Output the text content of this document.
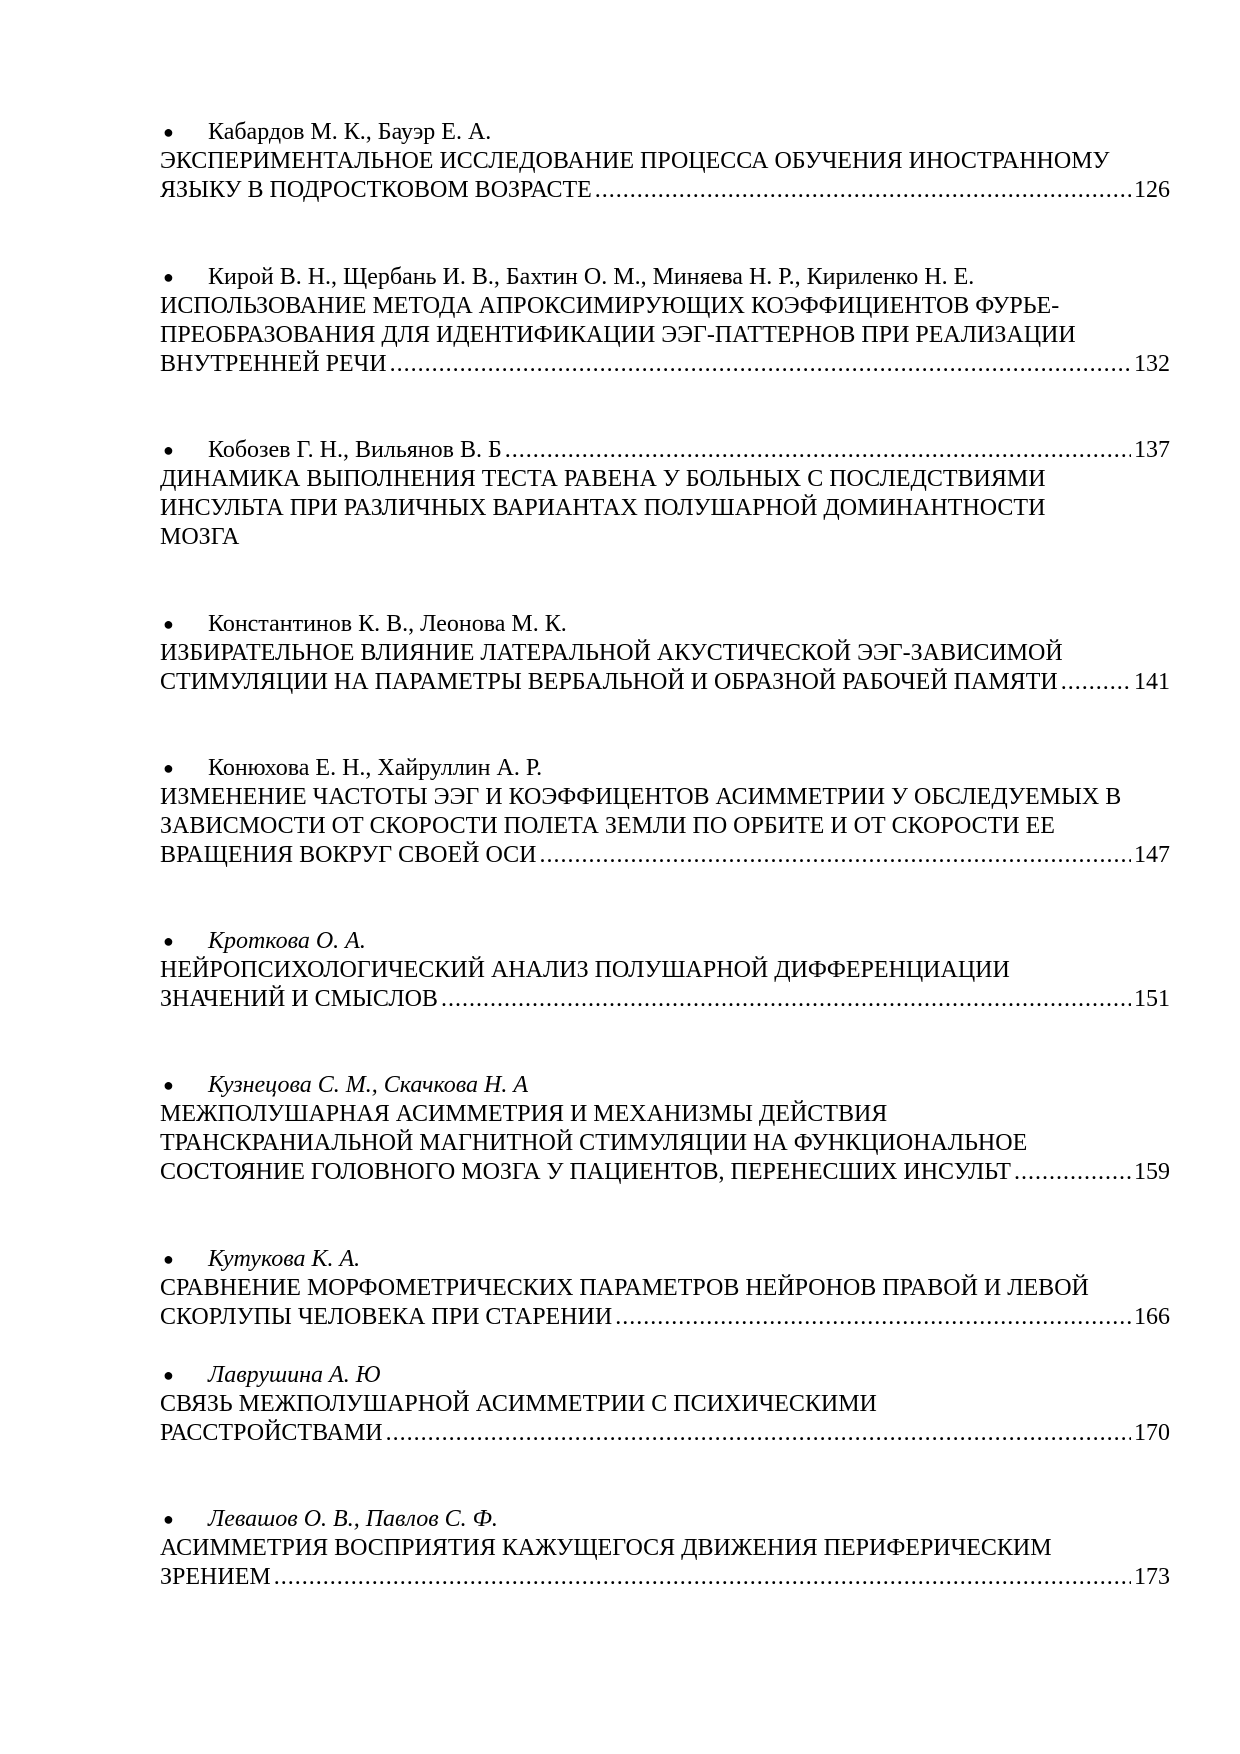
● Кабардов М. К., Бауэр Е. А.
ЭКСПЕРИМЕНТАЛЬНОЕ ИССЛЕДОВАНИЕ ПРОЦЕССА ОБУЧЕНИЯ ИНОСТРАННОМУ
ЯЗЫКУ В ПОДРОСТКОВОМ ВОЗРАСТЕ .....	126
● Кирой В. Н., Щербань И. В., Бахтин О. М., Миняева Н. Р., Кириленко Н. Е.
ИСПОЛЬЗОВАНИЕ МЕТОДА АПРОКСИМИРУЮЩИХ КОЭФФИЦИЕНТОВ ФУРЬЕ-
ПРЕОБРАЗОВАНИЯ ДЛЯ ИДЕНТИФИКАЦИИ ЭЭГ-ПАТТЕРНОВ ПРИ РЕАЛИЗАЦИИ
ВНУТРЕННЕЙ РЕЧИ .....	132
● Кобозев Г. Н., Вильянов В. Б .....	137
ДИНАМИКА ВЫПОЛНЕНИЯ ТЕСТА РАВЕНА У БОЛЬНЫХ С ПОСЛЕДСТВИЯМИ
ИНСУЛЬТА ПРИ РАЗЛИЧНЫХ ВАРИАНТАХ ПОЛУШАРНОЙ ДОМИНАНТНОСТИ
МОЗГА
● Константинов К. В., Леонова М. К.
ИЗБИРАТЕЛЬНОЕ ВЛИЯНИЕ ЛАТЕРАЛЬНОЙ АКУСТИЧЕСКОЙ ЭЭГ-ЗАВИСИМОЙ
СТИМУЛЯЦИИ НА ПАРАМЕТРЫ ВЕРБАЛЬНОЙ И ОБРАЗНОЙ РАБОЧЕЙ ПАМЯТИ .....	141
● Конюхова Е. Н., Хайруллин А. Р.
ИЗМЕНЕНИЕ ЧАСТОТЫ ЭЭГ И КОЭФФИЦЕНТОВ АСИММЕТРИИ У ОБСЛЕДУЕМЫХ В
ЗАВИСМОСТИ ОТ СКОРОСТИ ПОЛЕТА ЗЕМЛИ ПО ОРБИТЕ И ОТ СКОРОСТИ ЕЕ
ВРАЩЕНИЯ ВОКРУГ СВОЕЙ ОСИ .....	147
● Кроткова О. А.
НЕЙРОПСИХОЛОГИЧЕСКИЙ АНАЛИЗ ПОЛУШАРНОЙ ДИФФЕРЕНЦИАЦИИ
ЗНАЧЕНИЙ И СМЫСЛОВ .....	151
● Кузнецова С. М., Скачкова Н. А
МЕЖПОЛУШАРНАЯ АСИММЕТРИЯ И МЕХАНИЗМЫ ДЕЙСТВИЯ
ТРАНСКРАНИАЛЬНОЙ МАГНИТНОЙ СТИМУЛЯЦИИ НА ФУНКЦИОНАЛЬНОЕ
СОСТОЯНИЕ ГОЛОВНОГО МОЗГА У ПАЦИЕНТОВ, ПЕРЕНЕСШИХ ИНСУЛЬТ .....	159
● Кутукова К. А.
СРАВНЕНИЕ МОРФОМЕТРИЧЕСКИХ ПАРАМЕТРОВ НЕЙРОНОВ ПРАВОЙ И ЛЕВОЙ
СКОРЛУПЫ ЧЕЛОВЕКА ПРИ СТАРЕНИИ .....	166
● Лаврушина А. Ю
СВЯЗЬ МЕЖПОЛУШАРНОЙ АСИММЕТРИИ С ПСИХИЧЕСКИМИ
РАССТРОЙСТВАМИ .....	170
● Левашов О. В., Павлов С. Ф.
АСИММЕТРИЯ ВОСПРИЯТИЯ КАЖУЩЕГОСЯ ДВИЖЕНИЯ ПЕРИФЕРИЧЕСКИМ
ЗРЕНИЕМ .....	173
